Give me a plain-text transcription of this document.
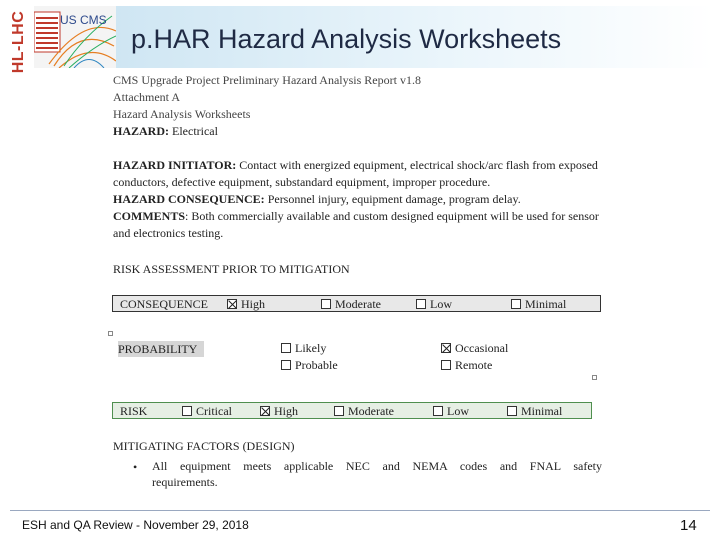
HL-LHC	US CMS
p.HAR Hazard Analysis Worksheets
CMS Upgrade Project Preliminary Hazard Analysis Report v1.8
Attachment A
Hazard Analysis Worksheets
HAZARD: Electrical
HAZARD INITIATOR: Contact with energized equipment, electrical shock/arc flash from exposed conductors, defective equipment, substandard equipment, improper procedure.
HAZARD CONSEQUENCE: Personnel injury, equipment damage, program delay.
COMMENTS: Both commercially available and custom designed equipment will be used for sensor and electronics testing.
RISK ASSESSMENT PRIOR TO MITIGATION
CONSEQUENCE	High	Moderate	Low	Minimal
PROBABILITY	Likely	Occasional
Probable	Remote
RISK	Critical	High	Moderate	Low	Minimal
MITIGATING FACTORS (DESIGN)
• All equipment meets applicable NEC and NEMA codes and FNAL safety
requirements.
ESH and QA Review - November 29, 2018	14
